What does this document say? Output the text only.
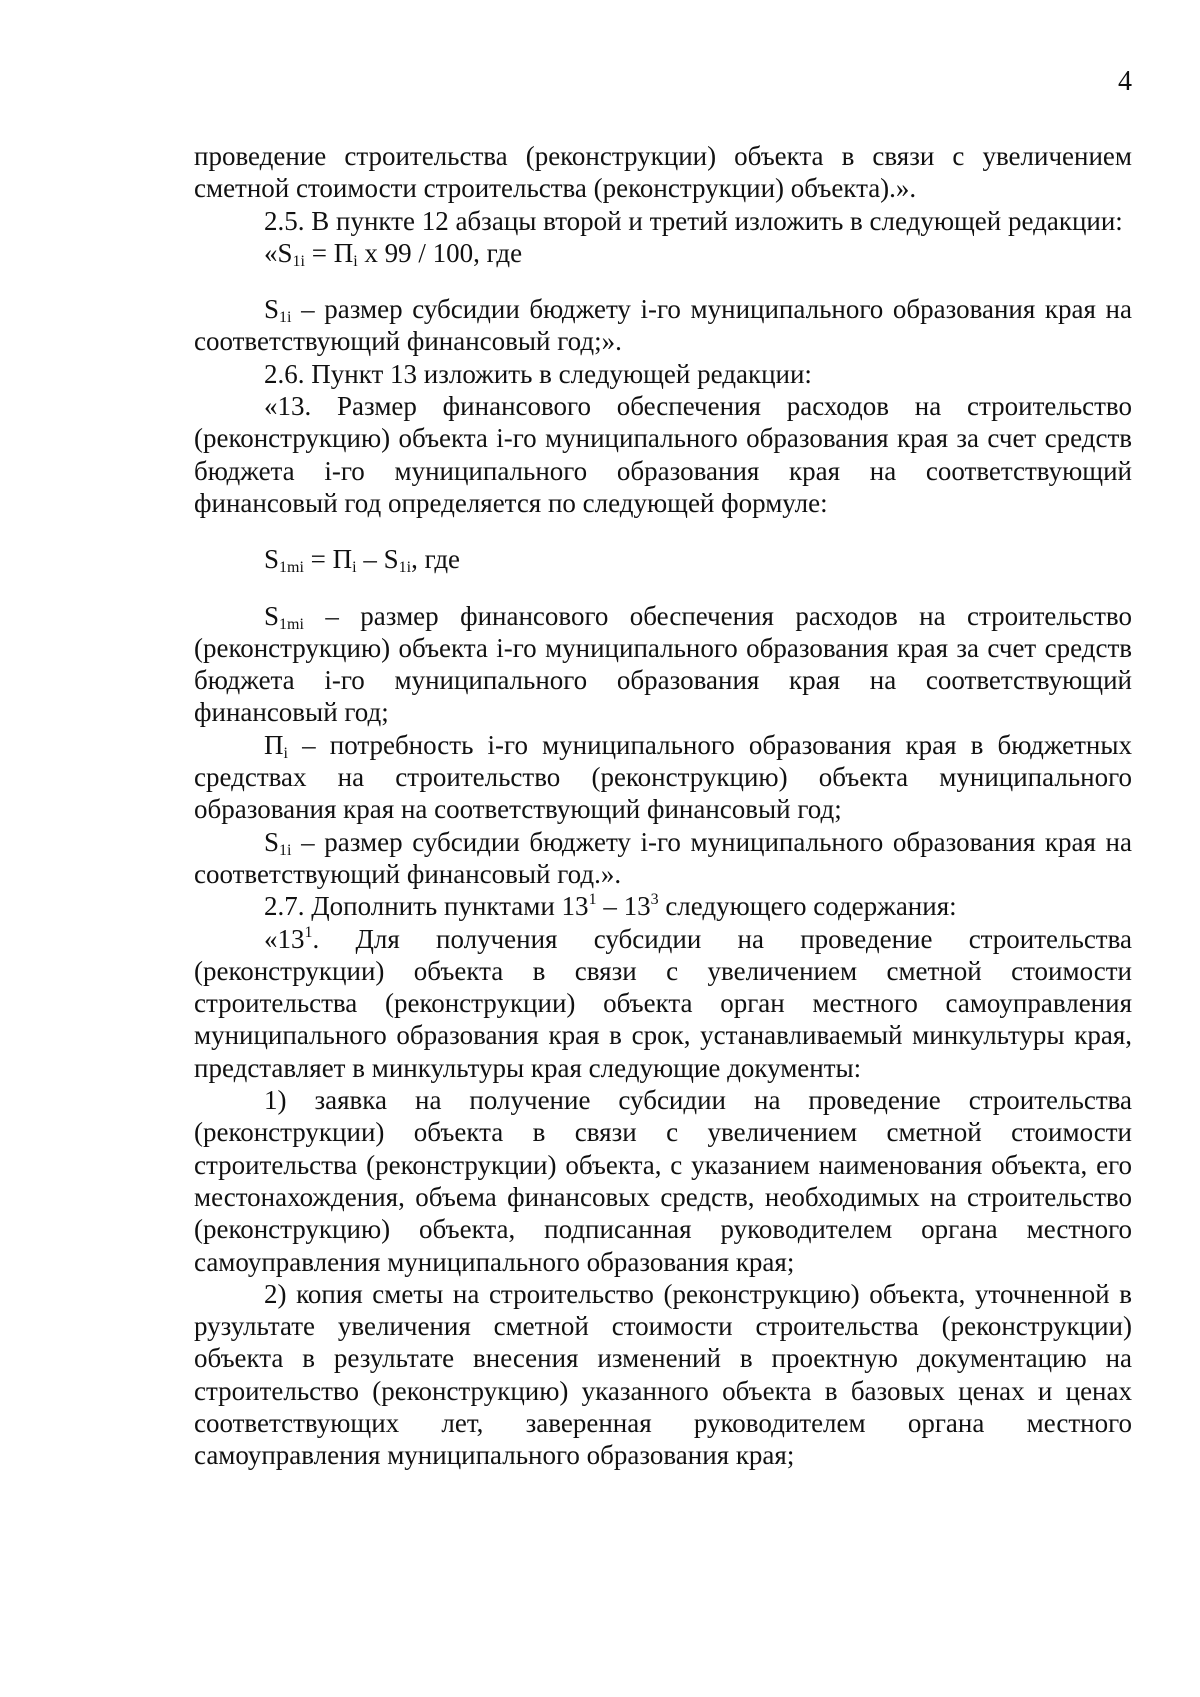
4

проведение строительства (реконструкции) объекта в связи с увеличением сметной стоимости строительства (реконструкции) объекта).».

2.5. В пункте 12 абзацы второй и третий изложить в следующей редакции:

«$S_{1i} = П_i$ x 99 / 100, где

$S_{1i}$ – размер субсидии бюджету i-го муниципального образования края на соответствующий финансовый год;».

2.6. Пункт 13 изложить в следующей редакции:

«13. Размер финансового обеспечения расходов на строительство (реконструкцию) объекта i-го муниципального образования края за счет средств бюджета i-го муниципального образования края на соответствующий финансовый год определяется по следующей формуле:

$S_{1mi} = П_i - S_{1i}$, где

$S_{1mi}$ – размер финансового обеспечения расходов на строительство (реконструкцию) объекта i-го муниципального образования края за счет средств бюджета i-го муниципального образования края на соответствующий финансовый год;

$П_i$ – потребность i-го муниципального образования края в бюджетных средствах на строительство (реконструкцию) объекта муниципального образования края на соответствующий финансовый год;

$S_{1i}$ – размер субсидии бюджету i-го муниципального образования края на соответствующий финансовый год.».

2.7. Дополнить пунктами $13^1 - 13^3$ следующего содержания:

«$13^1$. Для получения субсидии на проведение строительства (реконструкции) объекта в связи с увеличением сметной стоимости строительства (реконструкции) объекта орган местного самоуправления муниципального образования края в срок, устанавливаемый минкультуры края, представляет в минкультуры края следующие документы:

1) заявка на получение субсидии на проведение строительства (реконструкции) объекта в связи с увеличением сметной стоимости строительства (реконструкции) объекта, с указанием наименования объекта, его местонахождения, объема финансовых средств, необходимых на строительство (реконструкцию) объекта, подписанная руководителем органа местного самоуправления муниципального образования края;

2) копия сметы на строительство (реконструкцию) объекта, уточненной в рузультате увеличения сметной стоимости строительства (реконструкции) объекта в результате внесения изменений в проектную документацию на строительство (реконструкцию) указанного объекта в базовых ценах и ценах соответствующих лет, заверенная руководителем органа местного самоуправления муниципального образования края;
